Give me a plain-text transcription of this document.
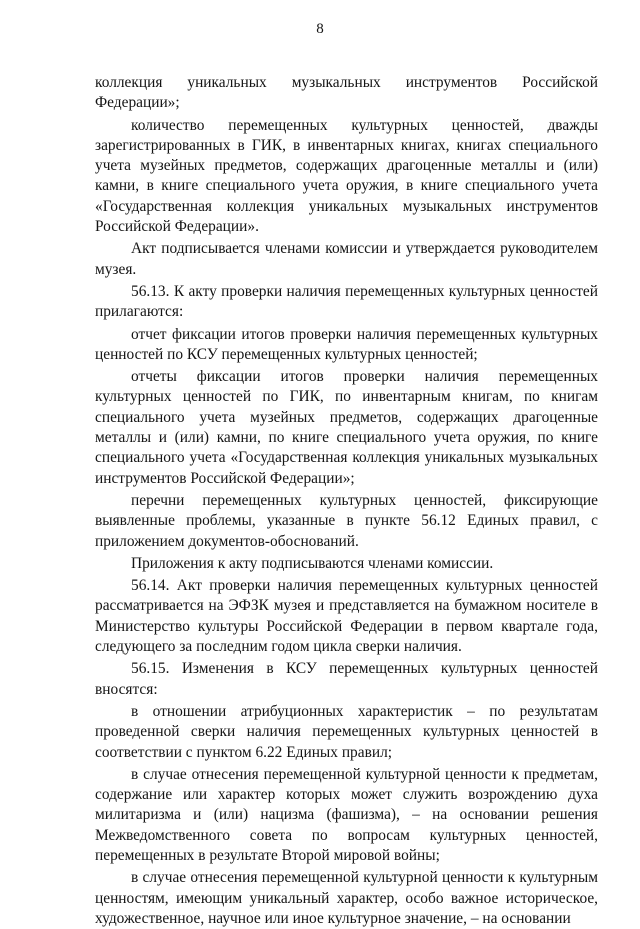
8

коллекция уникальных музыкальных инструментов Российской Федерации»;

количество перемещенных культурных ценностей, дважды зарегистрированных в ГИК, в инвентарных книгах, книгах специального учета музейных предметов, содержащих драгоценные металлы и (или) камни, в книге специального учета оружия, в книге специального учета «Государственная коллекция уникальных музыкальных инструментов Российской Федерации».

Акт подписывается членами комиссии и утверждается руководителем музея.

56.13. К акту проверки наличия перемещенных культурных ценностей прилагаются:

отчет фиксации итогов проверки наличия перемещенных культурных ценностей по КСУ перемещенных культурных ценностей;

отчеты фиксации итогов проверки наличия перемещенных культурных ценностей по ГИК, по инвентарным книгам, по книгам специального учета музейных предметов, содержащих драгоценные металлы и (или) камни, по книге специального учета оружия, по книге специального учета «Государственная коллекция уникальных музыкальных инструментов Российской Федерации»;

перечни перемещенных культурных ценностей, фиксирующие выявленные проблемы, указанные в пункте 56.12 Единых правил, с приложением документов-обоснований.

Приложения к акту подписываются членами комиссии.

56.14. Акт проверки наличия перемещенных культурных ценностей рассматривается на ЭФЗК музея и представляется на бумажном носителе в Министерство культуры Российской Федерации в первом квартале года, следующего за последним годом цикла сверки наличия.

56.15. Изменения в КСУ перемещенных культурных ценностей вносятся:

в отношении атрибуционных характеристик – по результатам проведенной сверки наличия перемещенных культурных ценностей в соответствии с пунктом 6.22 Единых правил;

в случае отнесения перемещенной культурной ценности к предметам, содержание или характер которых может служить возрождению духа милитаризма и (или) нацизма (фашизма), – на основании решения Межведомственного совета по вопросам культурных ценностей, перемещенных в результате Второй мировой войны;

в случае отнесения перемещенной культурной ценности к культурным ценностям, имеющим уникальный характер, особо важное историческое, художественное, научное или иное культурное значение, – на основании
